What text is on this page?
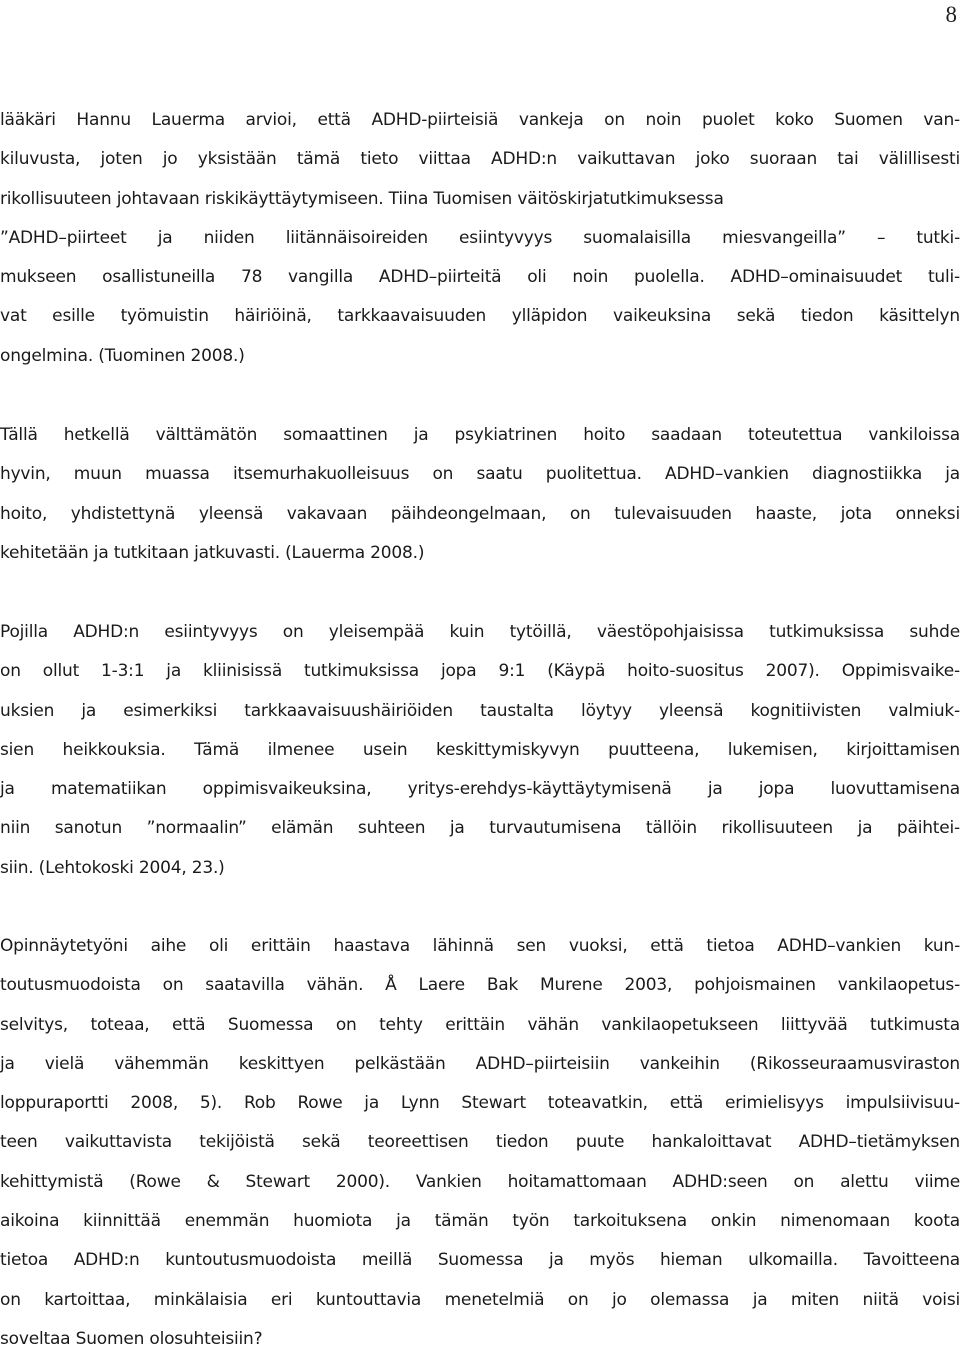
8
lääkäri Hannu Lauerma arvioi, että ADHD-piirteisiä vankeja on noin puolet koko Suomen van-
kiluvusta, joten jo yksistään tämä tieto viittaa ADHD:n vaikuttavan joko suoraan tai välillisesti
rikollisuuteen johtavaan riskikäyttäytymiseen. Tiina Tuomisen väitöskirjatutkimuksessa
”ADHD–piirteet ja niiden liitännäisoireiden esiintyvyys suomalaisilla miesvangeilla” – tutki-
mukseen osallistuneilla 78 vangilla ADHD–piirteitä oli noin puolella. ADHD–ominaisuudet tuli-
vat esille työmuistin häiriöinä, tarkkaavaisuuden ylläpidon vaikeuksina sekä tiedon käsittelyn
ongelmina. (Tuominen 2008.)
Tällä hetkellä välttämätön somaattinen ja psykiatrinen hoito saadaan toteutettua vankiloissa
hyvin, muun muassa itsemurhakuolleisuus on saatu puolitettua. ADHD–vankien diagnostiikka ja
hoito, yhdistettynä yleensä vakavaan päihdeongelmaan, on tulevaisuuden haaste, jota onneksi
kehitetään ja tutkitaan jatkuvasti. (Lauerma 2008.)
Pojilla ADHD:n esiintyvyys on yleisempää kuin tytöillä, väestöpohjaisissa tutkimuksissa suhde
on ollut 1-3:1 ja kliinisissä tutkimuksissa jopa 9:1 (Käypä hoito-suositus 2007). Oppimisvaike-
uksien ja esimerkiksi tarkkaavaisuushäiriöiden taustalta löytyy yleensä kognitiivisten valmiuk-
sien heikkouksia. Tämä ilmenee usein keskittymiskyvyn puutteena, lukemisen, kirjoittamisen
ja matematiikan oppimisvaikeuksina, yritys-erehdys-käyttäytymisenä ja jopa luovuttamisena
niin sanotun ”normaalin” elämän suhteen ja turvautumisena tällöin rikollisuuteen ja päihtei-
siin. (Lehtokoski 2004, 23.)
Opinnäytetyöni aihe oli erittäin haastava lähinnä sen vuoksi, että tietoa ADHD–vankien kun-
toutusmuodoista on saatavilla vähän. Å Laere Bak Murene 2003, pohjoismainen vankilaopetus-
selvitys, toteaa, että Suomessa on tehty erittäin vähän vankilaopetukseen liittyvää tutkimusta
ja vielä vähemmän keskittyen pelkästään ADHD–piirteisiin vankeihin (Rikosseuraamusviraston
loppuraportti 2008, 5). Rob Rowe ja Lynn Stewart toteavatkin, että erimielisyys impulsiivisuu-
teen vaikuttavista tekijöistä sekä teoreettisen tiedon puute hankaloittavat ADHD–tietämyksen
kehittymistä (Rowe & Stewart 2000). Vankien hoitamattomaan ADHD:seen on alettu viime
aikoina kiinnittää enemmän huomiota ja tämän työn tarkoituksena onkin nimenomaan koota
tietoa ADHD:n kuntoutusmuodoista meillä Suomessa ja myös hieman ulkomailla. Tavoitteena
on kartoittaa, minkälaisia eri kuntouttavia menetelmiä on jo olemassa ja miten niitä voisi
soveltaa Suomen olosuhteisiin?
